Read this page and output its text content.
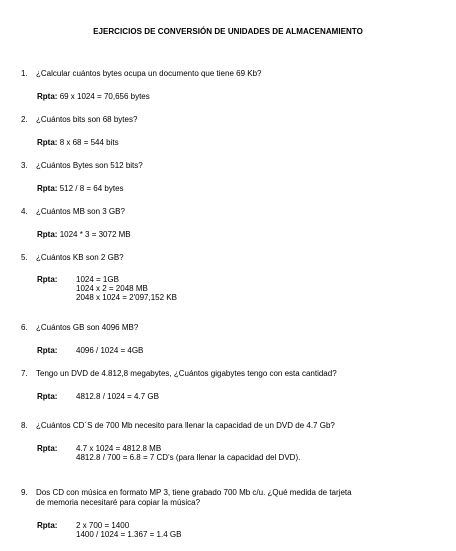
EJERCICIOS DE CONVERSIÓN DE UNIDADES DE ALMACENAMIENTO
1. ¿Calcular cuántos bytes ocupa un documento que tiene 69 Kb?
Rpta: 69 x 1024 = 70,656 bytes
2. ¿Cuántos bits son 68 bytes?
Rpta: 8 x 68 = 544 bits
3. ¿Cuántos Bytes son 512 bits?
Rpta: 512 / 8 = 64 bytes
4. ¿Cuántos MB son 3 GB?
Rpta: 1024 * 3 = 3072 MB
5. ¿Cuántos KB son 2 GB?
Rpta: 1024 = 1GB
1024 x 2 = 2048 MB
2048 x 1024 = 2'097,152 KB
6. ¿Cuántos GB son 4096 MB?
Rpta: 4096 / 1024 = 4GB
7. Tengo un DVD de 4.812,8 megabytes, ¿Cuántos gigabytes tengo con esta cantidad?
Rpta: 4812.8 / 1024 = 4.7 GB
8. ¿Cuántos CD´S de 700 Mb necesito para llenar la capacidad de un DVD de 4.7 Gb?
Rpta: 4.7 x 1024 = 4812.8 MB
4812.8 / 700 = 6.8 = 7 CD's (para llenar la capacidad del DVD).
9. Dos CD con música en formato MP 3, tiene grabado 700 Mb c/u. ¿Qué medida de tarjeta
de memoria necesitaré para copiar la música?
Rpta: 2 x 700 = 1400
1400 / 1024 = 1.367 = 1.4 GB
